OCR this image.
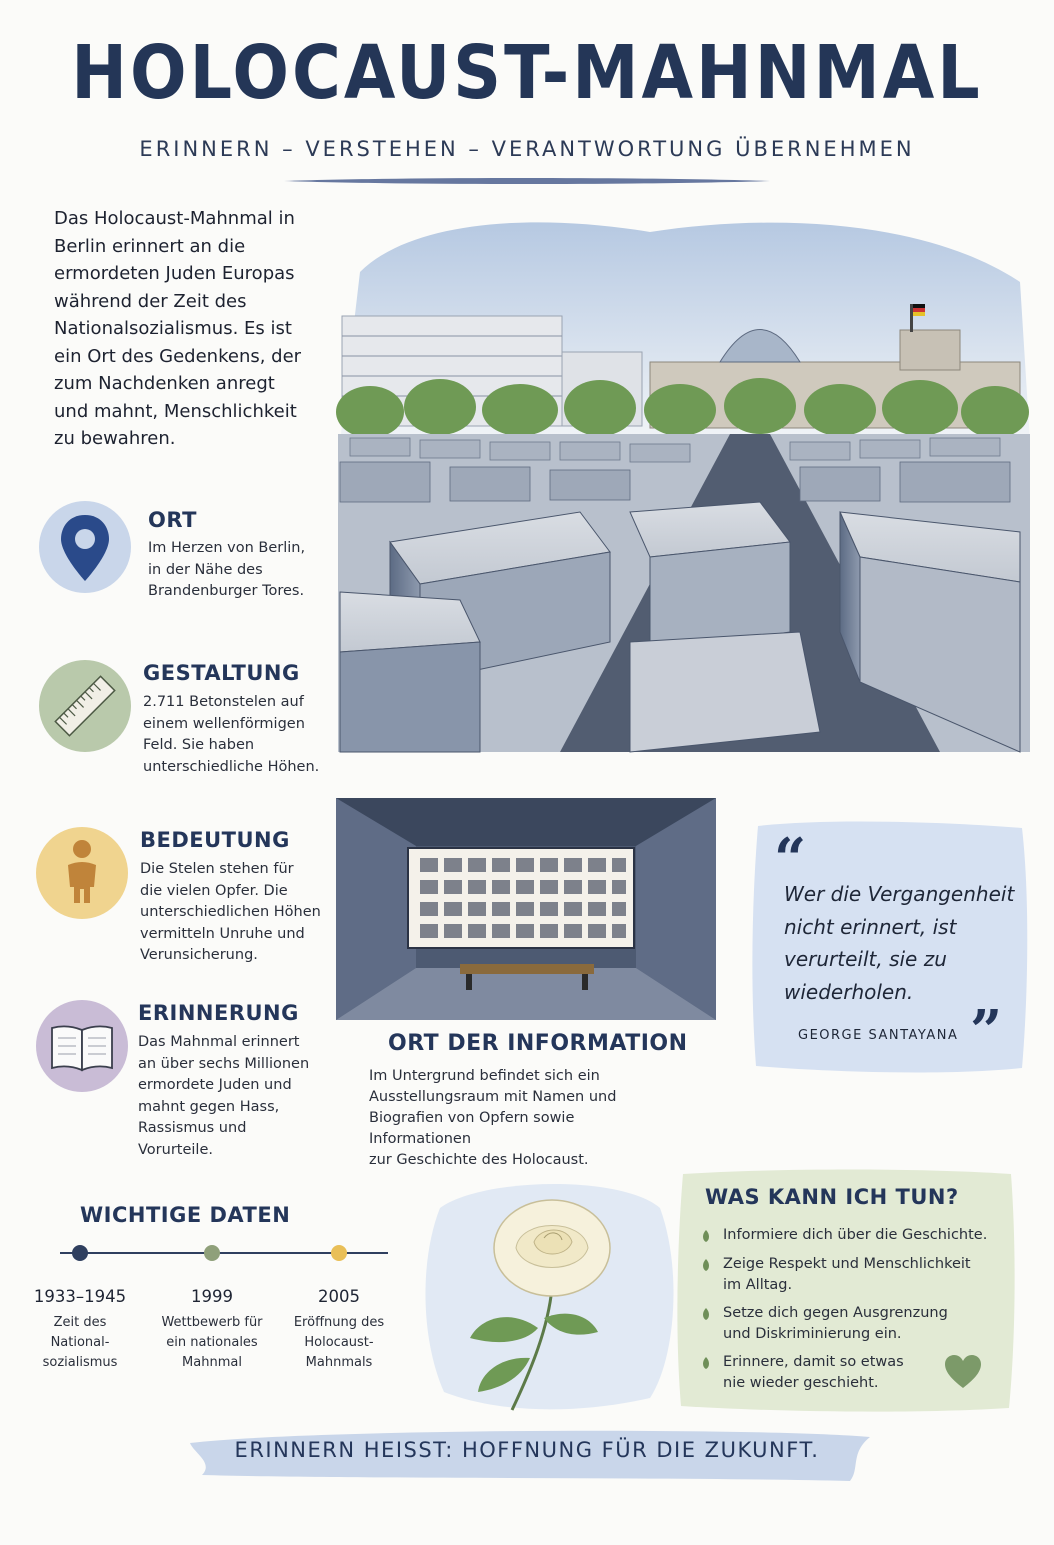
HOLOCAUST-MAHNMAL
ERINNERN – VERSTEHEN – VERANTWORTUNG ÜBERNEHMEN
Das Holocaust-Mahnmal in Berlin erinnert an die ermordeten Juden Europas während der Zeit des Nationalsozialismus. Es ist ein Ort des Gedenkens, der zum Nachdenken anregt und mahnt, Menschlichkeit zu bewahren.
ORT
Im Herzen von Berlin,
in der Nähe des
Brandenburger Tores.
GESTALTUNG
2.711 Betonstelen auf
einem wellenförmigen
Feld. Sie haben
unterschiedliche Höhen.
BEDEUTUNG
Die Stelen stehen für
die vielen Opfer. Die
unterschiedlichen Höhen
vermitteln Unruhe und
Verunsicherung.
ERINNERUNG
Das Mahnmal erinnert
an über sechs Millionen
ermordete Juden und
mahnt gegen Hass,
Rassismus und
Vorurteile.
ORT DER INFORMATION
Im Untergrund befindet sich ein
Ausstellungsraum mit Namen und
Biografien von Opfern sowie Informationen
zur Geschichte des Holocaust.
“
Wer die Vergangenheit
nicht erinnert, ist
verurteilt, sie zu
wiederholen.
GEORGE SANTAYANA ”
WICHTIGE DATEN
1933–1945
Zeit des
National-
sozialismus
1999
Wettbewerb für
ein nationales
Mahnmal
2005
Eröffnung des
Holocaust-
Mahnmals
WAS KANN ICH TUN?
Informiere dich über die Geschichte.
Zeige Respekt und Menschlichkeit
im Alltag.
Setze dich gegen Ausgrenzung
und Diskriminierung ein.
Erinnere, damit so etwas
nie wieder geschieht.
ERINNERN HEISST: HOFFNUNG FÜR DIE ZUKUNFT.
